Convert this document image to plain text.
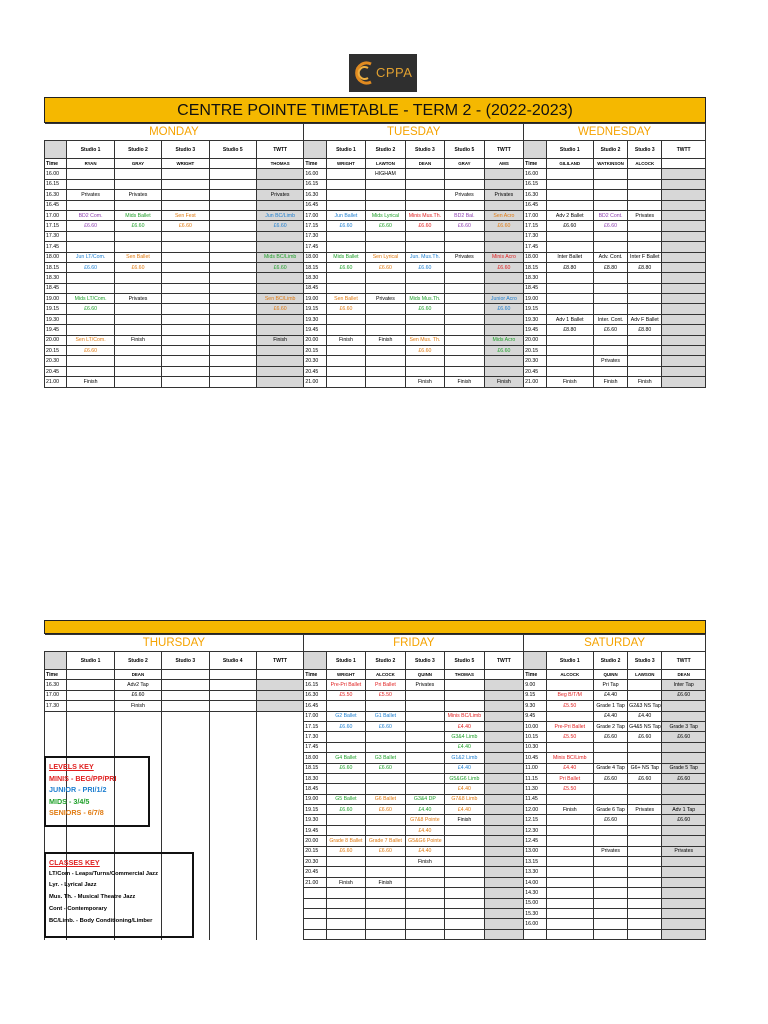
CPPA
CENTRE POINTE TIMETABLE - TERM 2 - (2022-2023)
MONDAY						TUESDAY						WEDNESDAY				
	Studio 1	Studio 2	Studio 3	Studio 5	TWTT		Studio 1	Studio 2	Studio 3	Studio 5	TWTT		Studio 1	Studio 2	Studio 3	TWTT
Time	RYAN	GRAY	WRIGHT		THOMAS	Time	WRIGHT	LAWTON	DEAN	GRAY	AMS	Time	GILILAND	WATKINSON	ALCOCK	
16.00						16.00		HIGHAM				16.00				
16.15						16.15						16.15				
16.30	Privates	Privates			Privates	16.30				Privates	Privates	16.30				
16.45						16.45						16.45				
17.00	BD2 Com.	Mids Ballet	Sen Fest		Jun BC/Limb	17.00	Jun Ballet	Mids Lyrical	Minis Mus.Th.	BD2 Bal.	Sen Acro	17.00	Adv 2 Ballet	BD2 Cont.	Privates	
17.15	£6.60	£6.60	£6.60		£6.60	17.15	£6.60	£6.60	£6.60	£6.60	£6.60	17.15	£6.60	£6.60		
17.30						17.30						17.30				
17.45						17.45						17.45				
18.00	Jun LT/Com.	Sen Ballet			Mids BC/Limb	18.00	Mids Ballet	Sen Lyrical	Jun. Mus.Th.	Privates	Minis Acro	18.00	Inter Ballet	Adv. Cont.	Inter F Ballet	
18.15	£6.60	£6.60			£6.60	18.15	£6.60	£6.60	£6.60		£6.60	18.15	£8.80	£8.80	£8.80	
18.30						18.30						18.30				
18.45						18.45						18.45				
19.00	Mids LT/Com.	Privates			Sen BC/Limb	19.00	Sen Ballet	Privates	Mids Mus.Th.		Junior Acro	19.00				
19.15	£6.60				£6.60	19.15	£6.60		£6.60		£6.60	19.15				
19.30						19.30						19.30	Adv 1 Ballet	Inter. Cont.	Adv F Ballet	
19.45						19.45						19.45	£8.80	£6.60	£8.80	
20.00	Sen LT/Com.	Finish			Finish	20.00	Finish	Finish	Sen Mus. Th.		Mids Acro	20.00				
20.15	£6.60					20.15			£6.60		£6.60	20.15				
20.30						20.30						20.30		Privates		
20.45						20.45						20.45				
21.00	Finish					21.00			Finish	Finish	Finish	21.00	Finish	Finish	Finish	
THURSDAY						FRIDAY						SATURDAY				
	Studio 1	Studio 2	Studio 3	Studio 4	TWTT		Studio 1	Studio 2	Studio 3	Studio 5	TWTT		Studio 1	Studio 2	Studio 3	TWTT
Time		DEAN				Time	WRIGHT	ALCOCK	QUINN	THOMAS		Time	ALCOCK	QUINN	LAWSON	DEAN
16.30		Adv2 Tap				16.15	Pre-Pri Ballet	Pri Ballet	Privates			9.00		Pri Tap		Inter Tap
17.00		£6.60				16.30	£5.50	£5.50				9.15	Beg B/T/M	£4.40		£6.60
17.30		Finish				16.45						9.30	£5.50	Grade 1 Tap	G2&3 NS Tap	
						17.00	G2 Ballet	G1 Ballet		Minis BC/Limb		9.45		£4.40	£4.40	
						17.15	£6.60	£6.60		£4.40		10.00	Pre-Pri Ballet	Grade 2 Tap	G4&5 NS Tap	Grade 3 Tap
						17.30				G3&4 Limb		10.15	£5.50	£6.60	£6.60	£6.60
						17.45				£4.40		10.30				
						18.00	G4 Ballet	G3 Ballet		G1&2 Limb		10.45	Minis BC/Limb			
						18.15	£6.60	£6.60		£4.40		11.00	£4.40	Grade 4 Tap	G6+ NS Tap	Grade 5 Tap
						18.30				G5&G6 Limb		11.15	Pri Ballet	£6.60	£6.60	£6.60
						18.45				£4.40		11.30	£5.50			
						19.00	G5 Ballet	G6 Ballet	G3&4 DP	G7&8 Limb		11.45				
						19.15	£6.60	£6.60	£4.40	£4.40		12.00	Finish	Grade 6 Tap	Privates	Adv 1 Tap
						19.30			G7&8 Pointe	Finish		12.15		£6.60		£6.60
						19.45			£4.40			12.30				
						20.00	Grade 8 Ballet	Grade 7 Ballet	G5&G6 Pointe			12.45				
						20.15	£6.60	£6.60	£4.40			13.00		Privates		Privates
						20.30			Finish			13.15				
						20.45						13.30				
						21.00	Finish	Finish				14.00				
												14.30				
												15.00				
												15.30				
												16.00				

LEVELS KEY
MINIS - BEG/PP/PRI
JUNIOR - PRI/1/2
MIDS - 3/4/5
SENIORS - 6/7/8
CLASSES KEY
LT/Com - Leaps/Turns/Commercial Jazz
Lyr. - Lyrical Jazz
Mus. Th. - Musical Theatre Jazz
Cont - Contemporary
BC/Limb. - Body Conditioning/Limber
